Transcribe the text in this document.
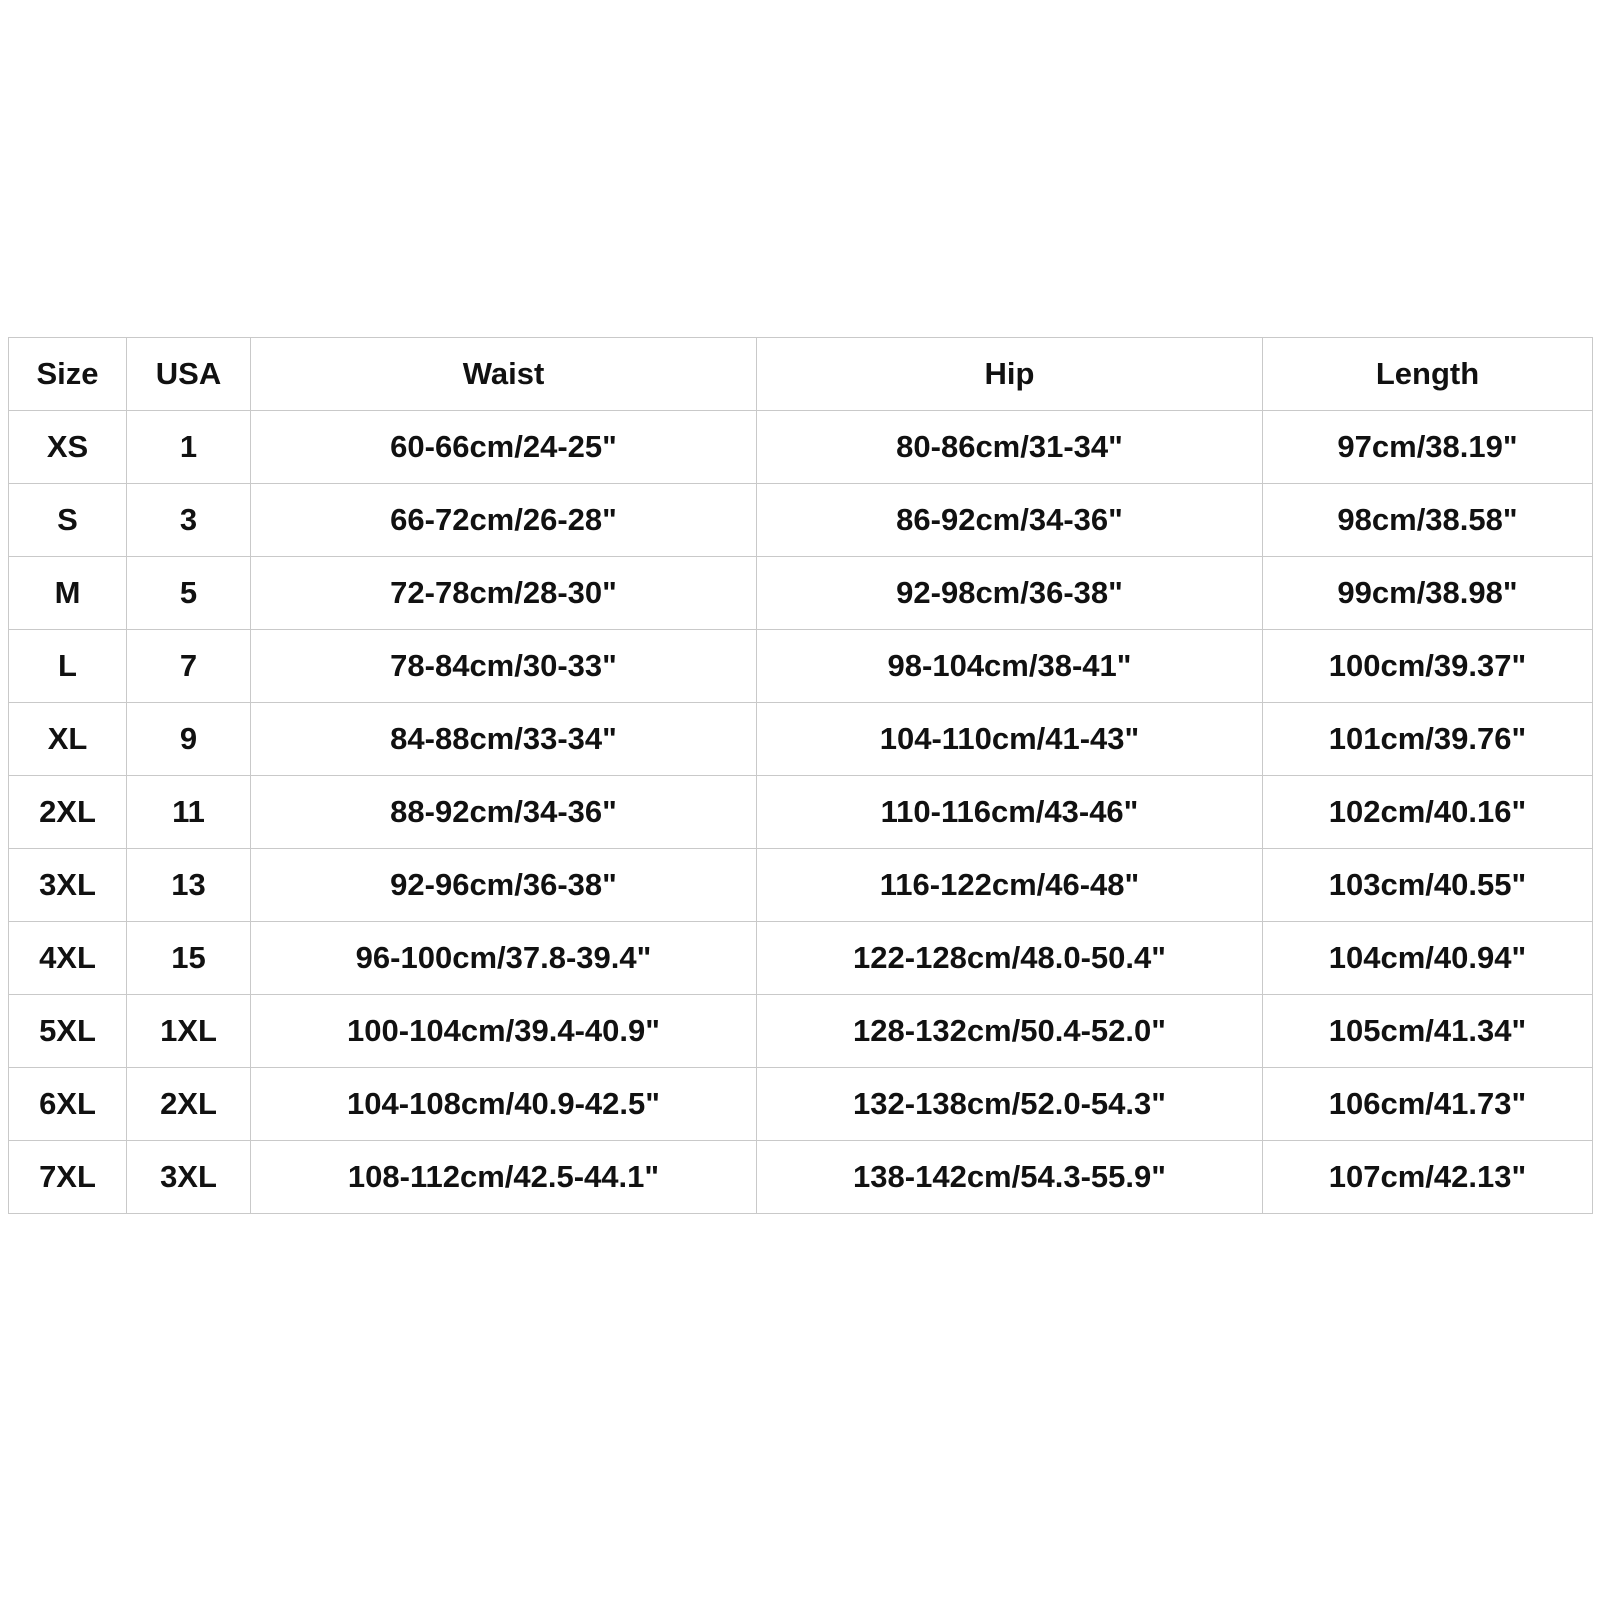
Size	USA	Waist	Hip	Length
XS	1	60-66cm/24-25"	80-86cm/31-34"	97cm/38.19"
S	3	66-72cm/26-28"	86-92cm/34-36"	98cm/38.58"
M	5	72-78cm/28-30"	92-98cm/36-38"	99cm/38.98"
L	7	78-84cm/30-33"	98-104cm/38-41"	100cm/39.37"
XL	9	84-88cm/33-34"	104-110cm/41-43"	101cm/39.76"
2XL	11	88-92cm/34-36"	110-116cm/43-46"	102cm/40.16"
3XL	13	92-96cm/36-38"	116-122cm/46-48"	103cm/40.55"
4XL	15	96-100cm/37.8-39.4"	122-128cm/48.0-50.4"	104cm/40.94"
5XL	1XL	100-104cm/39.4-40.9"	128-132cm/50.4-52.0"	105cm/41.34"
6XL	2XL	104-108cm/40.9-42.5"	132-138cm/52.0-54.3"	106cm/41.73"
7XL	3XL	108-112cm/42.5-44.1"	138-142cm/54.3-55.9"	107cm/42.13"
